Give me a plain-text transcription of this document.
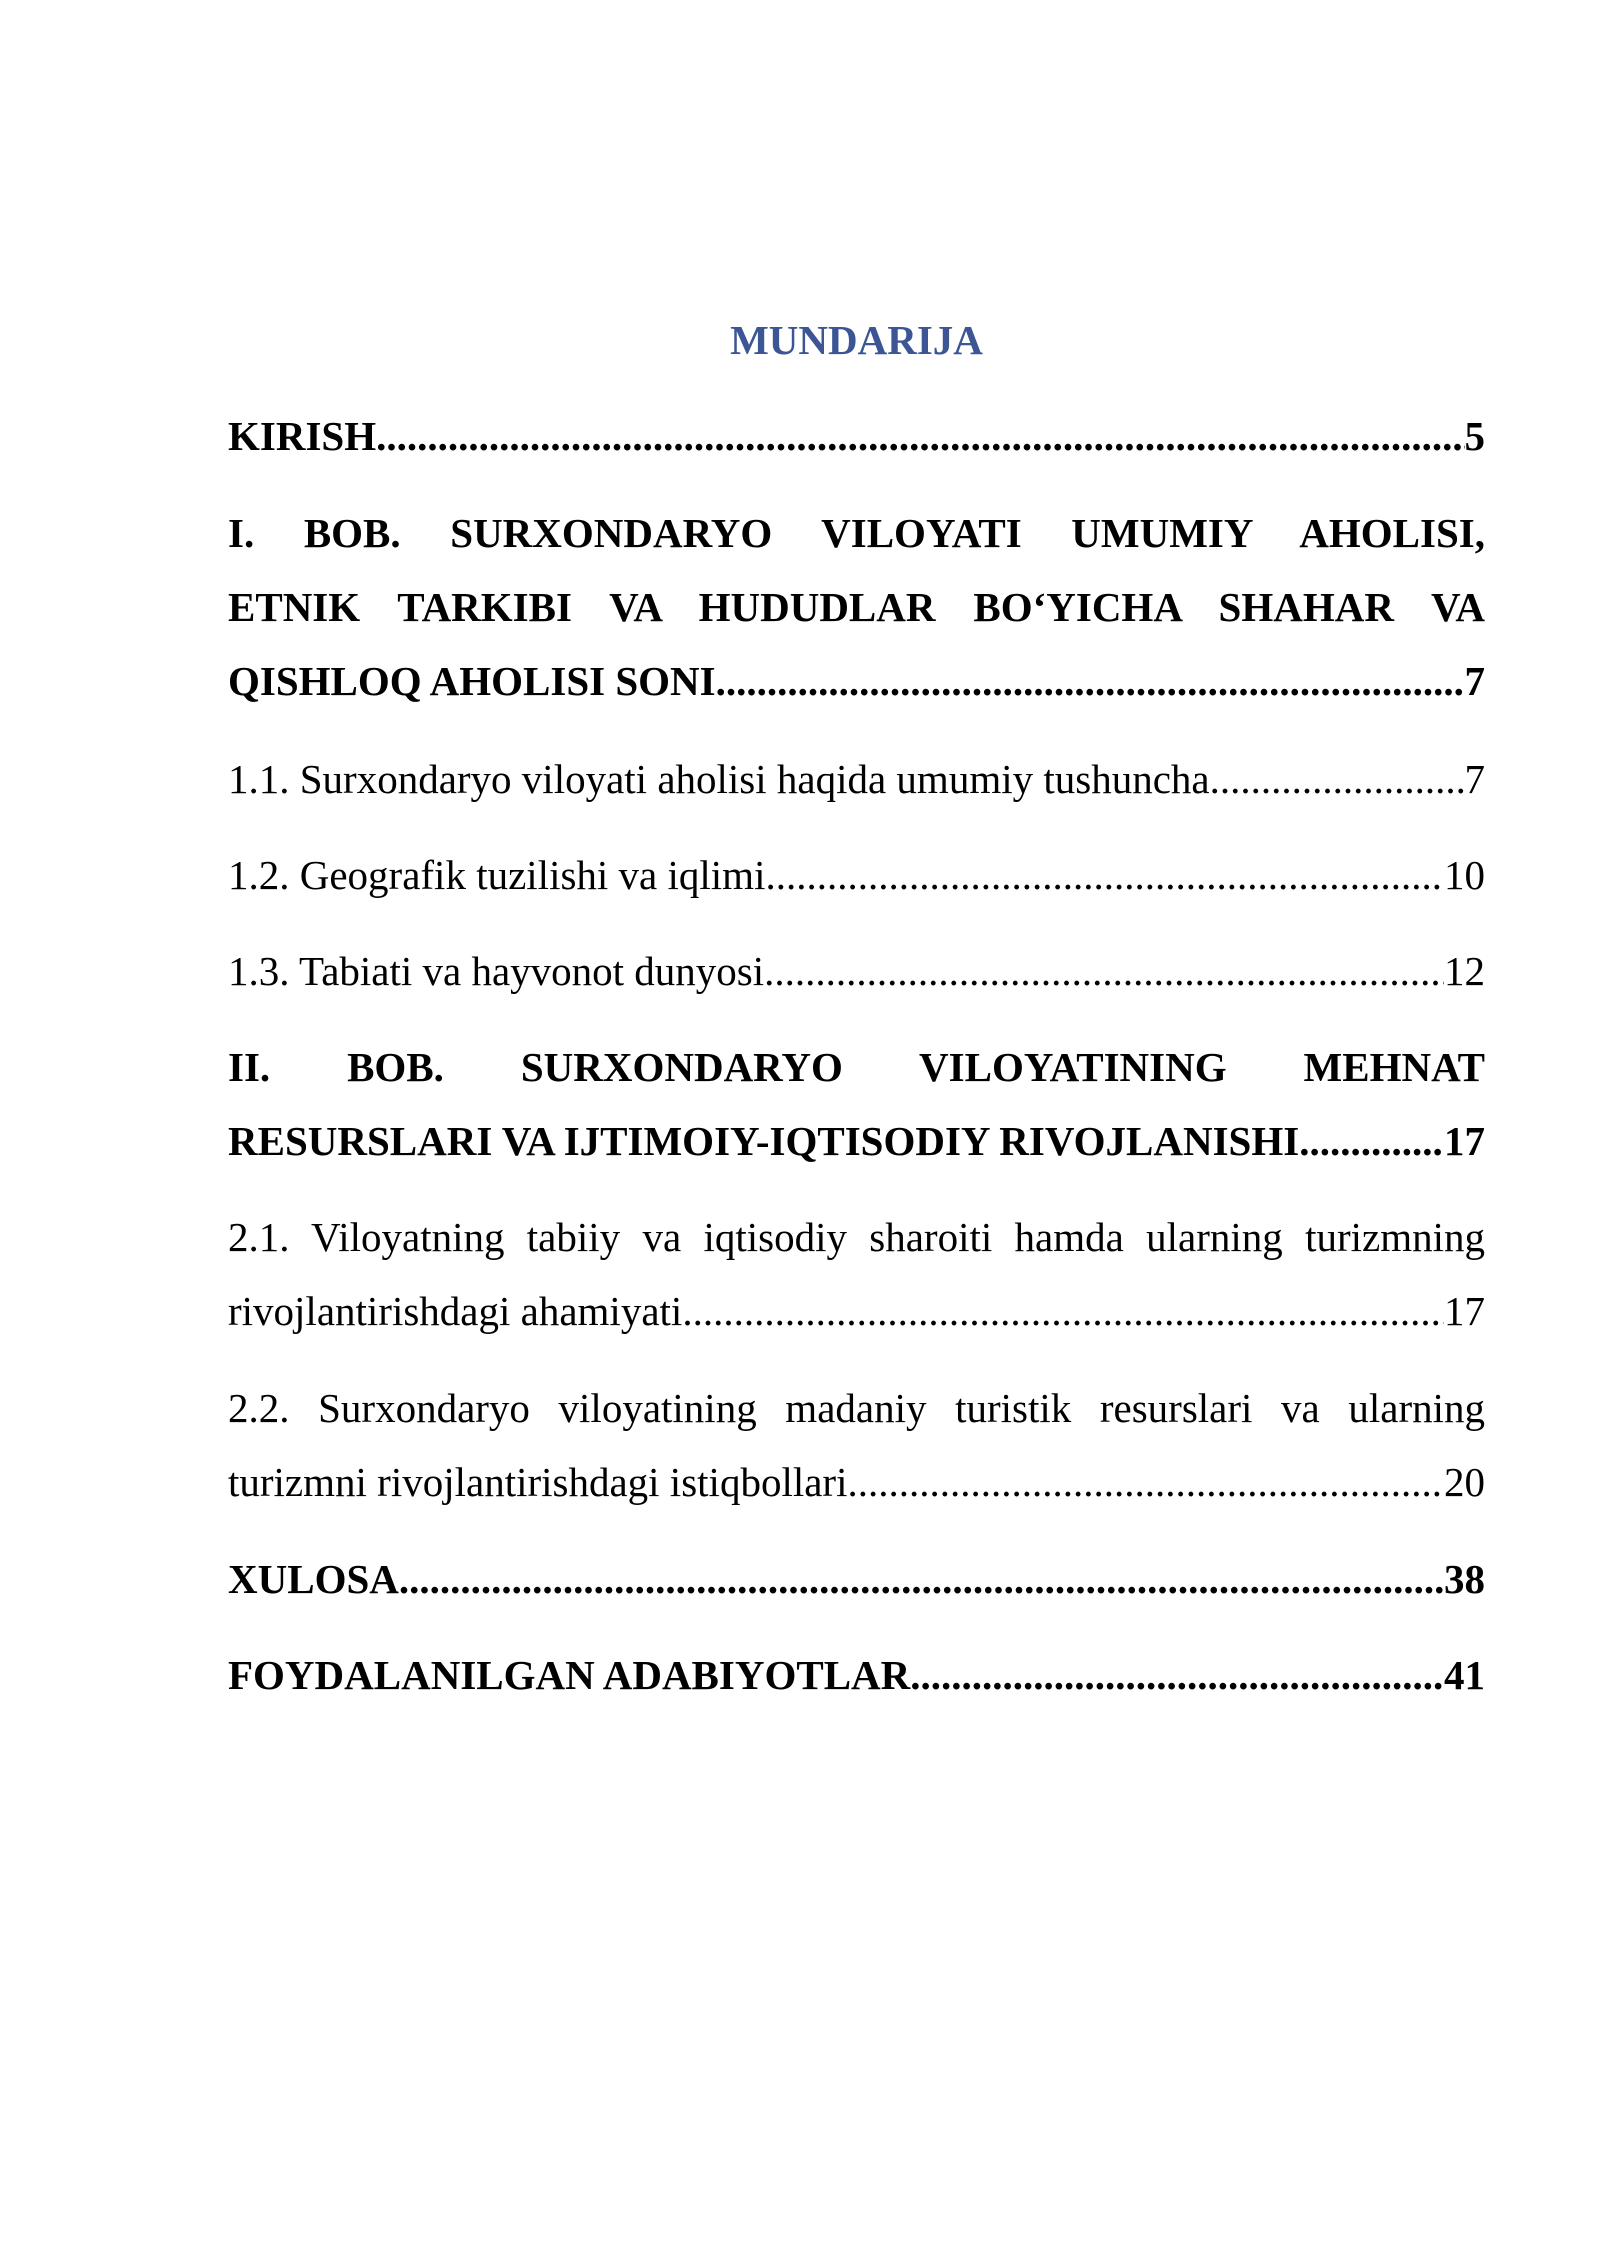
MUNDARIJA
KIRISH .....	5
I. BOB. SURXONDARYO VILOYATI UMUMIY AHOLISI,
ETNIK TARKIBI VA HUDUDLAR BO‘YICHA SHAHAR VA
QISHLOQ AHOLISI SONI .....	7
1.1. Surxondaryo viloyati aholisi haqida umumiy tushuncha .....	7
1.2. Geografik tuzilishi va iqlimi .....	10
1.3. Tabiati va hayvonot dunyosi .....	12
II. BOB. SURXONDARYO VILOYATINING MEHNAT
RESURSLARI VA IJTIMOIY-IQTISODIY RIVOJLANISHI .....	17
2.1. Viloyatning tabiiy va iqtisodiy sharoiti hamda ularning turizmning
rivojlantirishdagi ahamiyati .....	17
2.2. Surxondaryo viloyatining madaniy turistik resurslari va ularning
turizmni rivojlantirishdagi istiqbollari .....	20
XULOSA .....	38
FOYDALANILGAN ADABIYOTLAR .....	41
